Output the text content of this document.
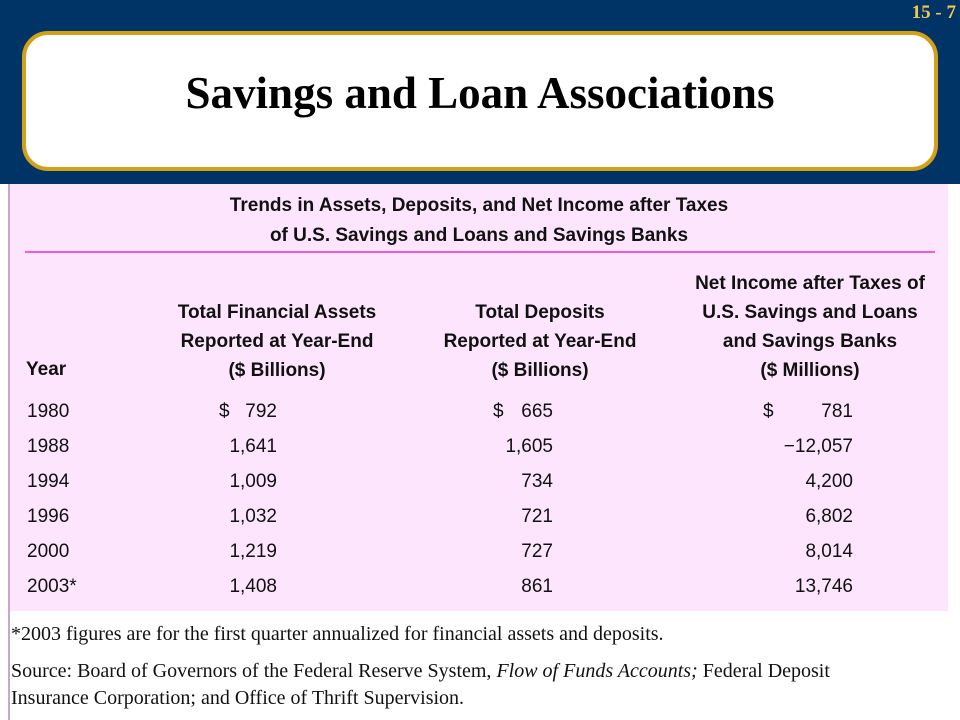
15 - 7
Savings and Loan Associations
Trends in Assets, Deposits, and Net Income after Taxes
of U.S. Savings and Loans and Savings Banks
Year
Total Financial Assets
Reported at Year-End
($ Billions)
Total Deposits
Reported at Year-End
($ Billions)
Net Income after Taxes of
U.S. Savings and Loans
and Savings Banks
($ Millions)
1980	$ 792	$ 665	$	781
1988	1,641	1,605	−12,057
1994	1,009	734	4,200
1996	1,032	721	6,802
2000	1,219	727	8,014
2003*	1,408	861	13,746
*2003 figures are for the first quarter annualized for financial assets and deposits.
Source: Board of Governors of the Federal Reserve System, Flow of Funds Accounts; Federal Deposit Insurance Corporation; and Office of Thrift Supervision.
